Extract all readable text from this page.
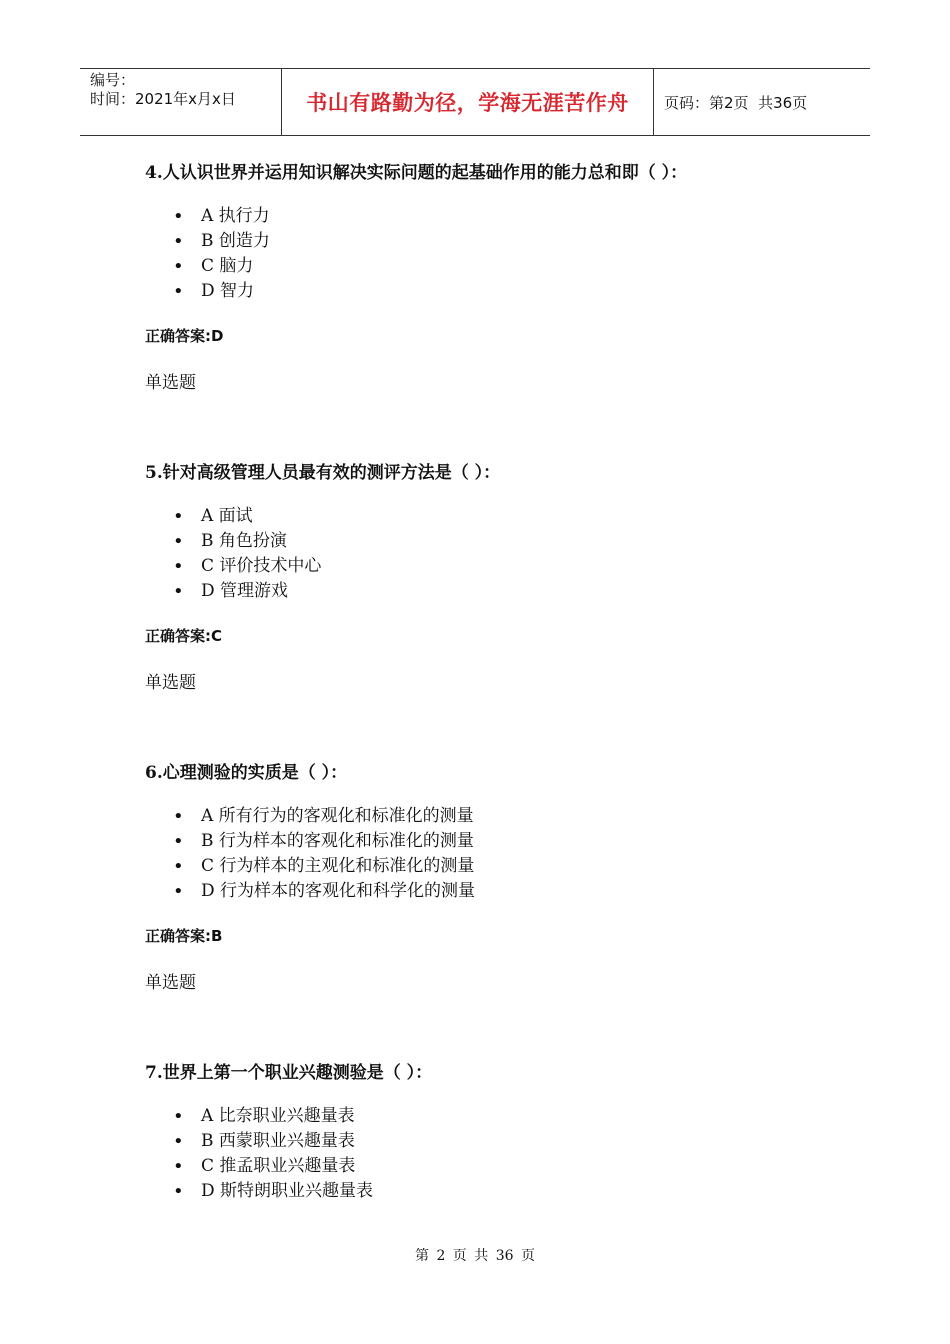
编号：
时间：2021年x月x日	书山有路勤为径，学海无涯苦作舟 页码：第2页  共36页

4.人认识世界并运用知识解决实际问题的起基础作用的能力总和即（ ）：

• A 执行力
• B 创造力
• C 脑力
• D 智力
正确答案:D
单选题

5.针对高级管理人员最有效的测评方法是（ ）：

• A 面试
• B 角色扮演
• C 评价技术中心
• D 管理游戏
正确答案:C
单选题

6.心理测验的实质是（ ）：

• A 所有行为的客观化和标准化的测量
• B 行为样本的客观化和标准化的测量
• C 行为样本的主观化和标准化的测量
• D 行为样本的客观化和科学化的测量
正确答案:B
单选题

7.世界上第一个职业兴趣测验是（ ）：

• A 比奈职业兴趣量表
• B 西蒙职业兴趣量表
• C 推孟职业兴趣量表
• D 斯特朗职业兴趣量表
第 2 页 共 36 页
